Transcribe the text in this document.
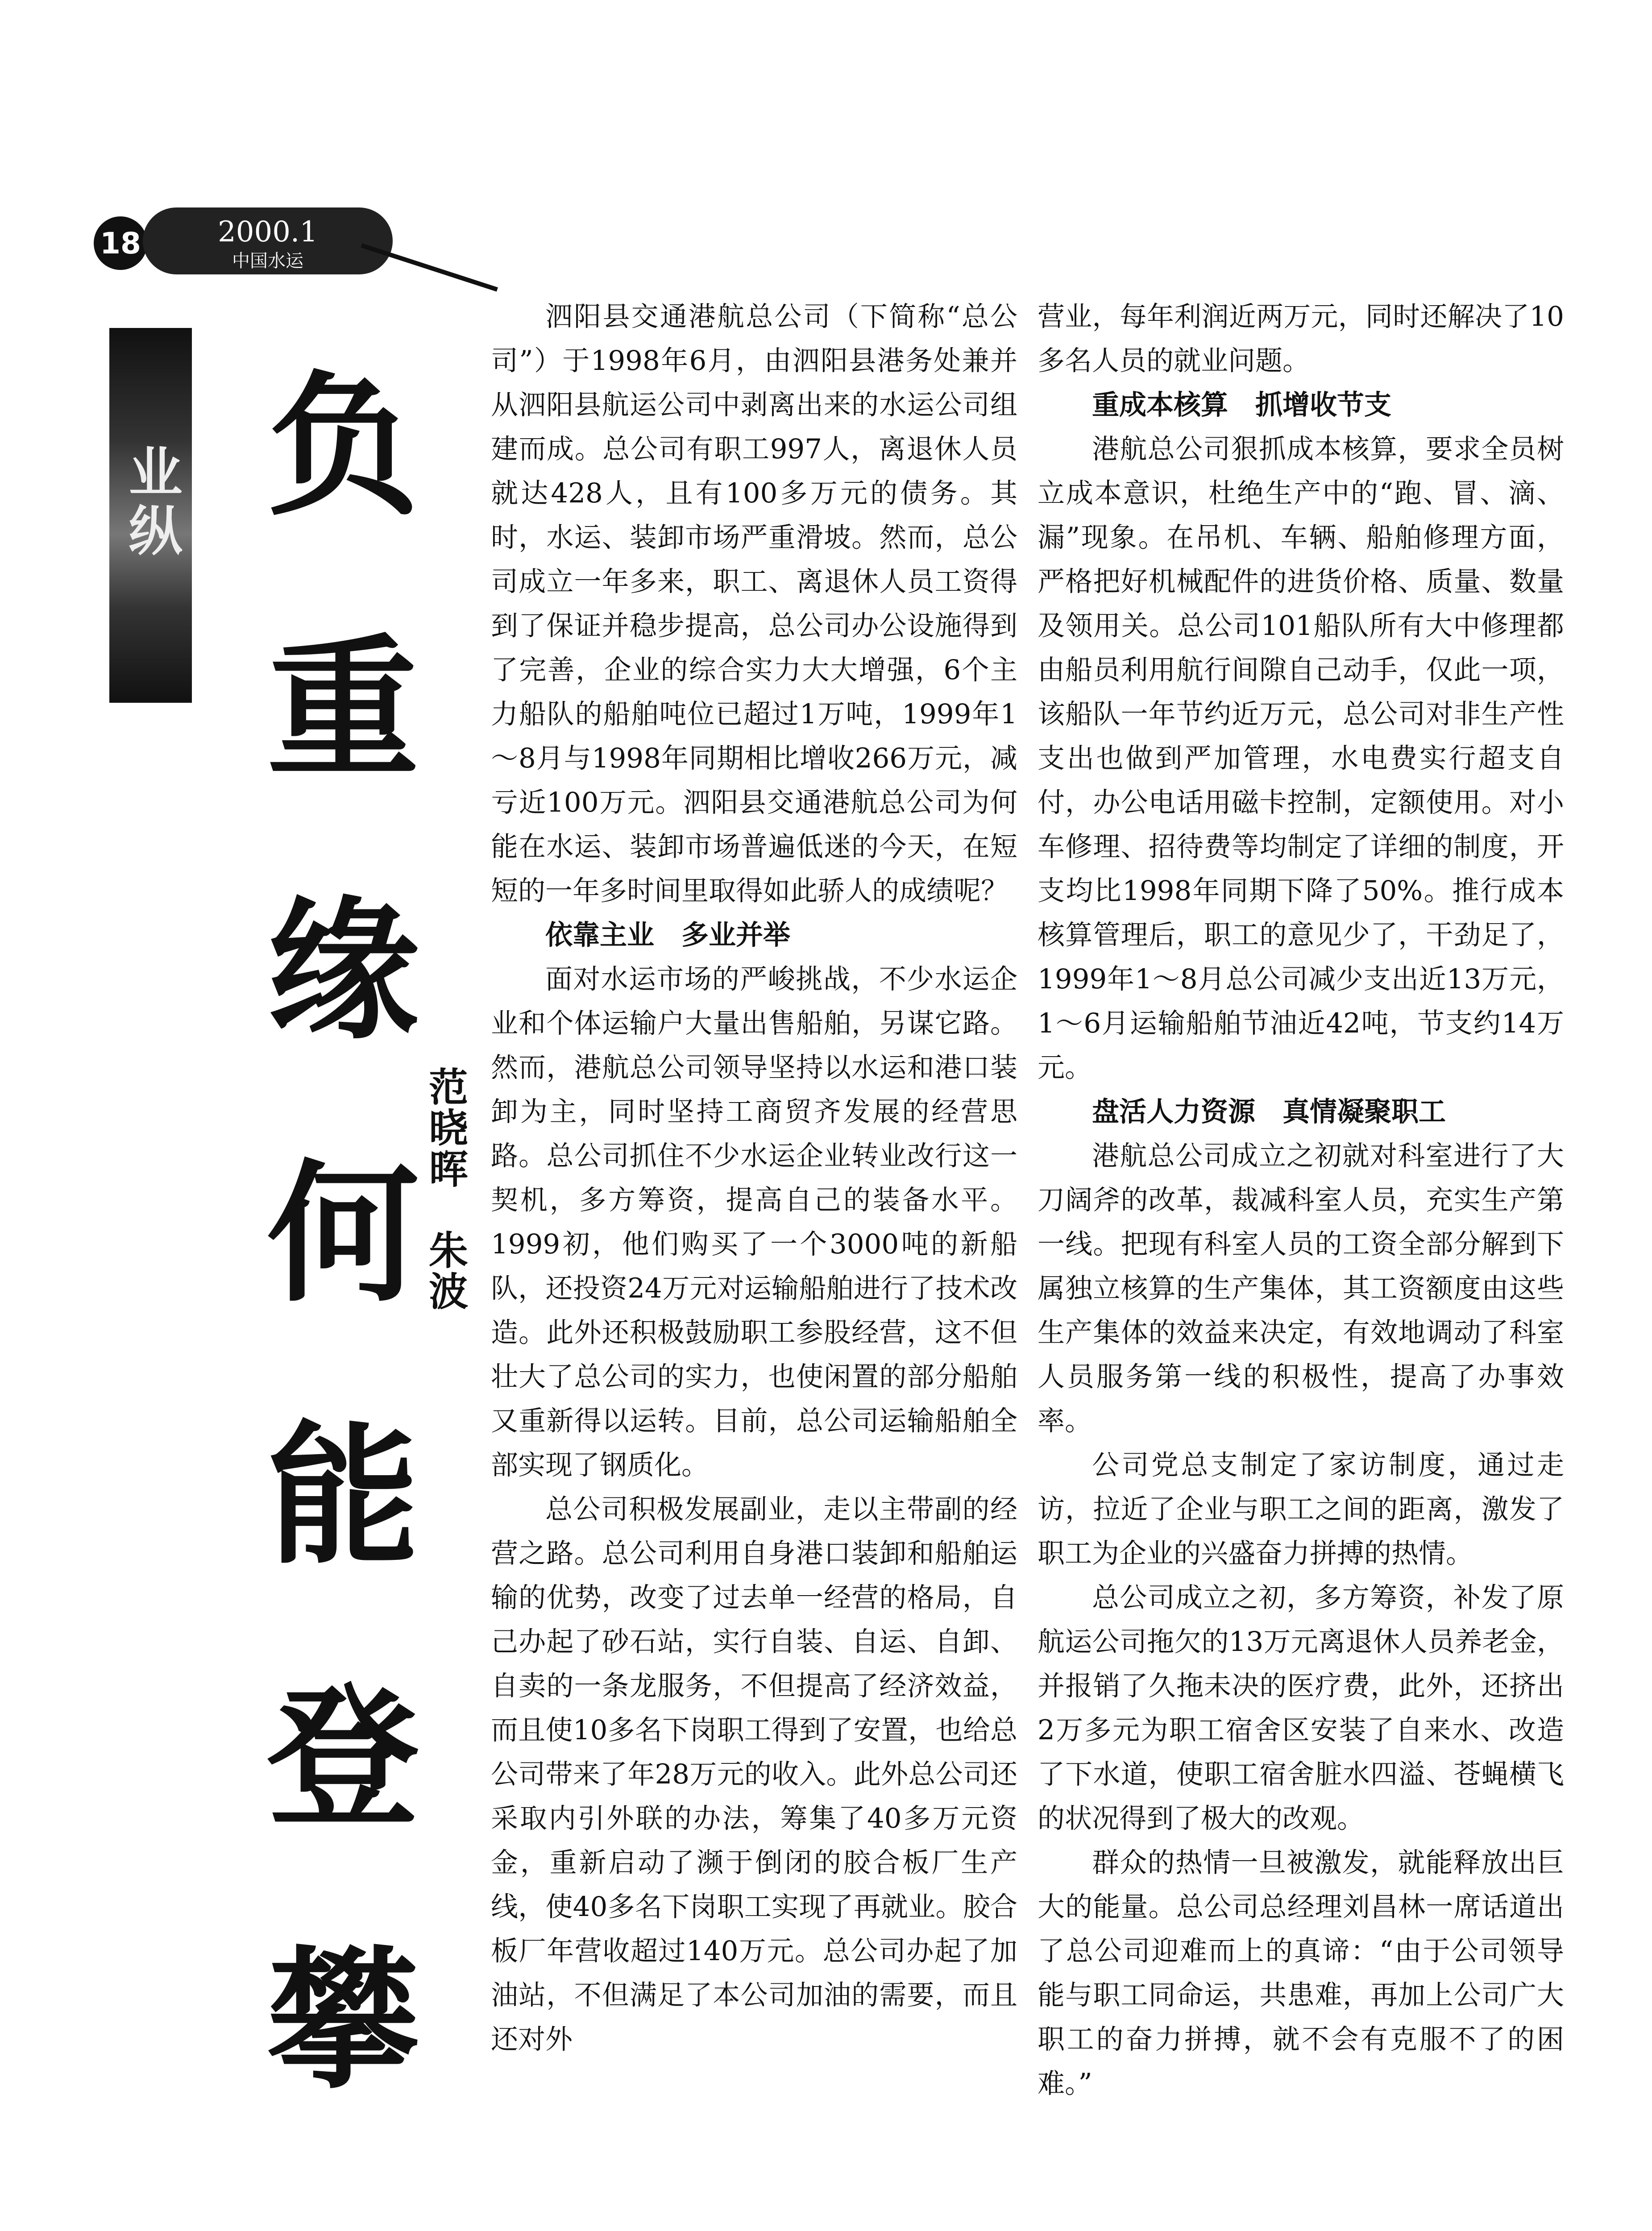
18	2000.1
中国水运
业纵 负重缘何能登攀 范晓晖朱波

泗阳县交通港航总公司（下简称“总公司”）于1998年6月，由泗阳县港务处兼并从泗阳县航运公司中剥离出来的水运公司组建而成。总公司有职工997人，离退休人员就达428人，且有100多万元的债务。其时，水运、装卸市场严重滑坡。然而，总公司成立一年多来，职工、离退休人员工资得到了保证并稳步提高，总公司办公设施得到了完善，企业的综合实力大大增强，6个主力船队的船舶吨位已超过1万吨，1999年1～8月与1998年同期相比增收266万元，减亏近100万元。泗阳县交通港航总公司为何能在水运、装卸市场普遍低迷的今天，在短短的一年多时间里取得如此骄人的成绩呢？

依靠主业　多业并举

面对水运市场的严峻挑战，不少水运企业和个体运输户大量出售船舶，另谋它路。然而，港航总公司领导坚持以水运和港口装卸为主，同时坚持工商贸齐发展的经营思路。总公司抓住不少水运企业转业改行这一契机，多方筹资，提高自己的装备水平。1999初，他们购买了一个3000吨的新船队，还投资24万元对运输船舶进行了技术改造。此外还积极鼓励职工参股经营，这不但壮大了总公司的实力，也使闲置的部分船舶又重新得以运转。目前，总公司运输船舶全部实现了钢质化。

总公司积极发展副业，走以主带副的经营之路。总公司利用自身港口装卸和船舶运输的优势，改变了过去单一经营的格局，自己办起了砂石站，实行自装、自运、自卸、自卖的一条龙服务，不但提高了经济效益，而且使10多名下岗职工得到了安置，也给总公司带来了年28万元的收入。此外总公司还采取内引外联的办法，筹集了40多万元资金，重新启动了濒于倒闭的胶合板厂生产线，使40多名下岗职工实现了再就业。胶合板厂年营收超过140万元。总公司办起了加油站，不但满足了本公司加油的需要，而且还对外

营业，每年利润近两万元，同时还解决了10多名人员的就业问题。

重成本核算　抓增收节支

港航总公司狠抓成本核算，要求全员树立成本意识，杜绝生产中的“跑、冒、滴、漏”现象。在吊机、车辆、船舶修理方面，严格把好机械配件的进货价格、质量、数量及领用关。总公司101船队所有大中修理都由船员利用航行间隙自己动手，仅此一项，该船队一年节约近万元，总公司对非生产性支出也做到严加管理，水电费实行超支自付，办公电话用磁卡控制，定额使用。对小车修理、招待费等均制定了详细的制度，开支均比1998年同期下降了50%。推行成本核算管理后，职工的意见少了，干劲足了，1999年1～8月总公司减少支出近13万元，1～6月运输船舶节油近42吨，节支约14万元。

盘活人力资源　真情凝聚职工

港航总公司成立之初就对科室进行了大刀阔斧的改革，裁减科室人员，充实生产第一线。把现有科室人员的工资全部分解到下属独立核算的生产集体，其工资额度由这些生产集体的效益来决定，有效地调动了科室人员服务第一线的积极性，提高了办事效率。

公司党总支制定了家访制度，通过走访，拉近了企业与职工之间的距离，激发了职工为企业的兴盛奋力拼搏的热情。

总公司成立之初，多方筹资，补发了原航运公司拖欠的13万元离退休人员养老金，并报销了久拖未决的医疗费，此外，还挤出2万多元为职工宿舍区安装了自来水、改造了下水道，使职工宿舍脏水四溢、苍蝇横飞的状况得到了极大的改观。

群众的热情一旦被激发，就能释放出巨大的能量。总公司总经理刘昌林一席话道出了总公司迎难而上的真谛：“由于公司领导能与职工同命运，共患难，再加上公司广大职工的奋力拼搏，就不会有克服不了的困难。”
